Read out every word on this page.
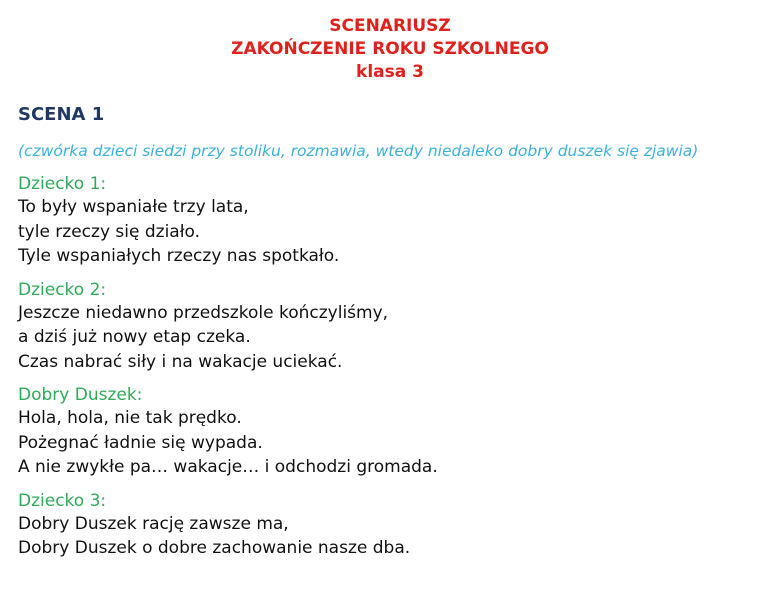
SCENARIUSZ
ZAKOŃCZENIE ROKU SZKOLNEGO
klasa 3
SCENA 1
(czwórka dzieci siedzi przy stoliku, rozmawia, wtedy niedaleko dobry duszek się zjawia)
Dziecko 1:
To były wspaniałe trzy lata,
tyle rzeczy się działo.
Tyle wspaniałych rzeczy nas spotkało.
Dziecko 2:
Jeszcze niedawno przedszkole kończyliśmy,
a dziś już nowy etap czeka.
Czas nabrać siły i na wakacje uciekać.
Dobry Duszek:
Hola, hola, nie tak prędko.
Pożegnać ładnie się wypada.
A nie zwykłe pa… wakacje… i odchodzi gromada.
Dziecko 3:
Dobry Duszek rację zawsze ma,
Dobry Duszek o dobre zachowanie nasze dba.
